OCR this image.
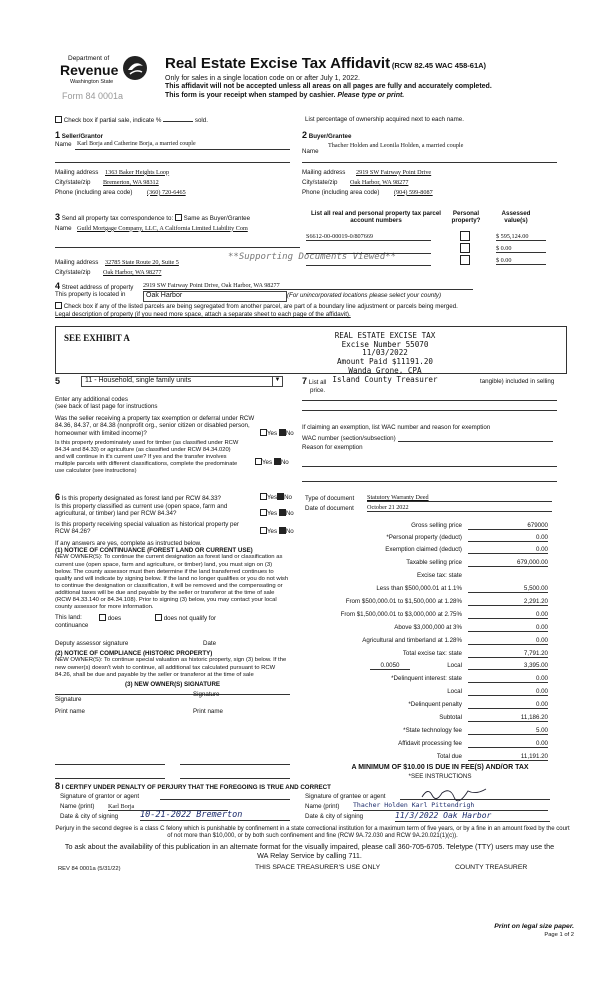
Department of
Revenue
Washington State
Form 84 0001a
Real Estate Excise Tax Affidavit (RCW 82.45 WAC 458-61A)
Only for sales in a single location code on or after July 1, 2022.
This affidavit will not be accepted unless all areas on all pages are fully and accurately completed.
This form is your receipt when stamped by cashier. Please type or print.
Check box if partial sale, indicate %	sold.	List percentage of ownership acquired next to each name.
1 Seller/Grantor
Name Karl Borja and Catherine Borja, a married couple
Mailing address 1363 Baker Heights Loop
City/state/zip Bremerton, WA 98312
Phone (including area code) (360) 720-6465
2 Buyer/Grantee
Thacher Holden and Leonila Holden, a married couple
Name
Mailing address 2919 SW Fairway Point Drive
City/state/zip Oak Harbor, WA 98277
Phone (including area code) (904) 599-8087
3 Send all property tax correspondence to: Same as Buyer/Grantee
Name Guild Mortgage Company, LLC, A California Limited Liability Com
Mailing address 32785 State Route 20, Suite 5
City/state/zip Oak Harbor, WA 98277
**Supporting Documents Viewed**
List all real and personal property tax parcel account numbers
Personal property?
Assessed value(s)
S6612-00-00019-0/807669	$ 595,124.00
$ 0.00
$ 0.00
4 Street address of property 2919 SW Fairway Point Drive, Oak Harbor, WA 98277
This property is located in	Oak Harbor	(For unincorporated locations please select your county)
Check box if any of the listed parcels are being segregated from another parcel, are part of a boundary line adjustment or parcels being merged.
Legal description of property (if you need more space, attach a separate sheet to each page of the affidavit).
SEE EXHIBIT A	REAL ESTATE EXCISE TAX
Excise Number 55070
11/03/2022
Amount Paid $11191.20
Wanda Grone, CPA
Island County Treasurer
5	11 - Household, single family units	▼
Enter any additional codes
(see back of last page for instructions
Was the seller receiving a property tax exemption or deferral under RCW 84.36, 84.37, or 84.38 (nonprofit org., senior citizen or disabled person, homeowner with limited income)?	Yes No
Is this property predominately used for timber (as classified under RCW 84.34 and 84.33) or agriculture (as classified under RCW 84.34.020) and will continue in it's current use? If yes and the transfer involves multiple parcels with different classifications, complete the predominate use calculator (see instructions)
Yes No
7 List all	tangible) included in selling
price.
If claiming an exemption, list WAC number and reason for exemption
WAC number (section/subsection)
Reason for exemption
6 Is this property designated as forest land per RCW 84.33?	Yes No
Is this property classified as current use (open space, farm and agricultural, or timber) land per RCW 84.34?	Yes No
Is this property receiving special valuation as historical property per RCW 84.26?	Yes No
If any answers are yes, complete as instructed below.
(1) NOTICE OF CONTINUANCE (FOREST LAND OR CURRENT USE)
NEW OWNER(S): To continue the current designation as forest land or classification as current use (open space, farm and agriculture, or timber) land, you must sign on (3) below. The county assessor must then determine if the land transferred continues to qualify and will indicate by signing below. If the land no longer qualifies or you do not wish to continue the designation or classification, it will be removed and the compensating or additional taxes will be due and payable by the seller or transferor at the time of sale (RCW 84.33.140 or 84.34.108). Prior to signing (3) below, you may contact your local county assessor for more information.
This land:	does	does not qualify for
continuance
Deputy assessor signature	Date
(2) NOTICE OF COMPLIANCE (HISTORIC PROPERTY)
NEW OWNER(S): To continue special valuation as historic property, sign (3) below. If the new owner(s) doesn't wish to continue, all additional tax calculated pursuant to RCW 84.26, shall be due and payable by the seller or transferor at the time of sale
(3) NEW OWNER(S) SIGNATURE
Signature
Signature
Print name	Print name
Type of document Statutory Warranty Deed
Date of document October 21 2022
Gross selling price	679000
*Personal property (deduct)	0.00
Exemption claimed (deduct)	0.00
Taxable selling price	679,000.00
Excise tax: state
Less than $500,000.01 at 1.1%	5,500.00
From $500,000.01 to $1,500,000 at 1.28%	2,291.20
From $1,500,000.01 to $3,000,000 at 2.75%	0.00
Above $3,000,000 at 3%	0.00
Agricultural and timberland at 1.28%	0.00
Total excise tax: state	7,791.20
0.0050	Local	3,395.00
*Delinquent interest: state	0.00
Local	0.00
*Delinquent penalty	0.00
Subtotal	11,186.20
*State technology fee	5.00
Affidavit processing fee	0.00
Total due	11,191.20
A MINIMUM OF $10.00 IS DUE IN FEE(S) AND/OR TAX
*SEE INSTRUCTIONS
8 I CERTIFY UNDER PENALTY OF PERJURY THAT THE FOREGOING IS TRUE AND CORRECT
Signature of grantor or agent
Name (print) Karl Borja
Date & city of signing	10-21-2022 Bremerton
Signature of grantee or agent
Name (print) Thacher Holden Karl Pittendrigh
Date & city of signing	11/3/2022 Oak Harbor
Perjury in the second degree is a class C felony which is punishable by confinement in a state correctional institution for a maximum term of five years, or by a fine in an amount fixed by the court of not more than $10,000, or by both such confinement and fine (RCW 9A.72.030 and RCW 9A.20.021(1)(c)).
To ask about the availability of this publication in an alternate format for the visually impaired, please call 360-705-6705. Teletype (TTY) users may use the WA Relay Service by calling 711.
REV 84 0001a (5/31/22)	THIS SPACE TREASURER'S USE ONLY	COUNTY TREASURER
Print on legal size paper.
Page 1 of 2
